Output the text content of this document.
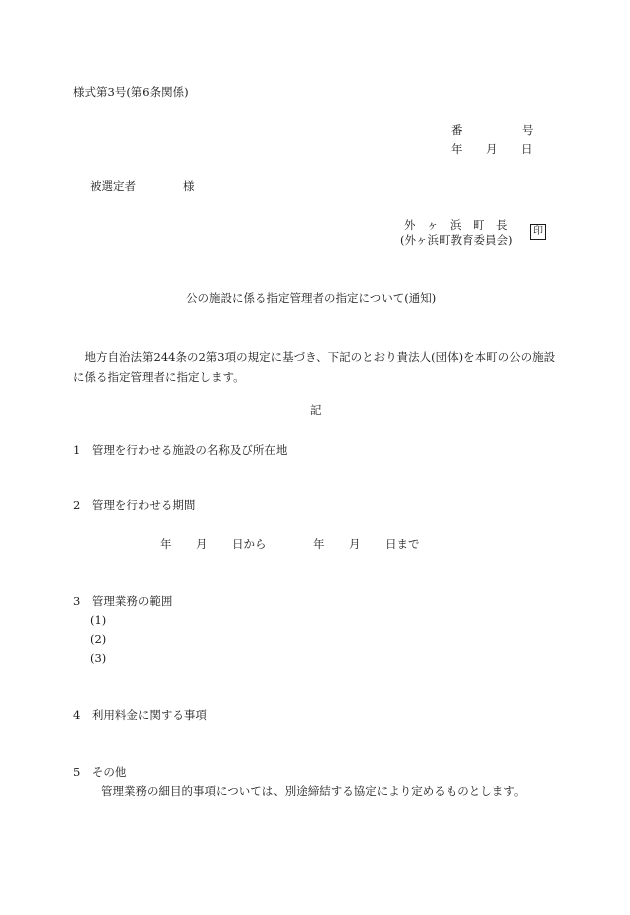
様式第3号(第6条関係)
番	号
年 月 日
被選定者	様
外　ヶ　浜　町　長
(外ヶ浜町教育委員会)
印
公の施設に係る指定管理者の指定について(通知)
地方自治法第244条の2第3項の規定に基づき、下記のとおり貴法人(団体)を本町の公の施設に係る指定管理者に指定します。
記
1　管理を行わせる施設の名称及び所在地
2　管理を行わせる期間
年 月 日から	年 月 日まで
3　管理業務の範囲
(1)
(2)
(3)
4　利用料金に関する事項
5　その他
管理業務の細目的事項については、別途締結する協定により定めるものとします。
